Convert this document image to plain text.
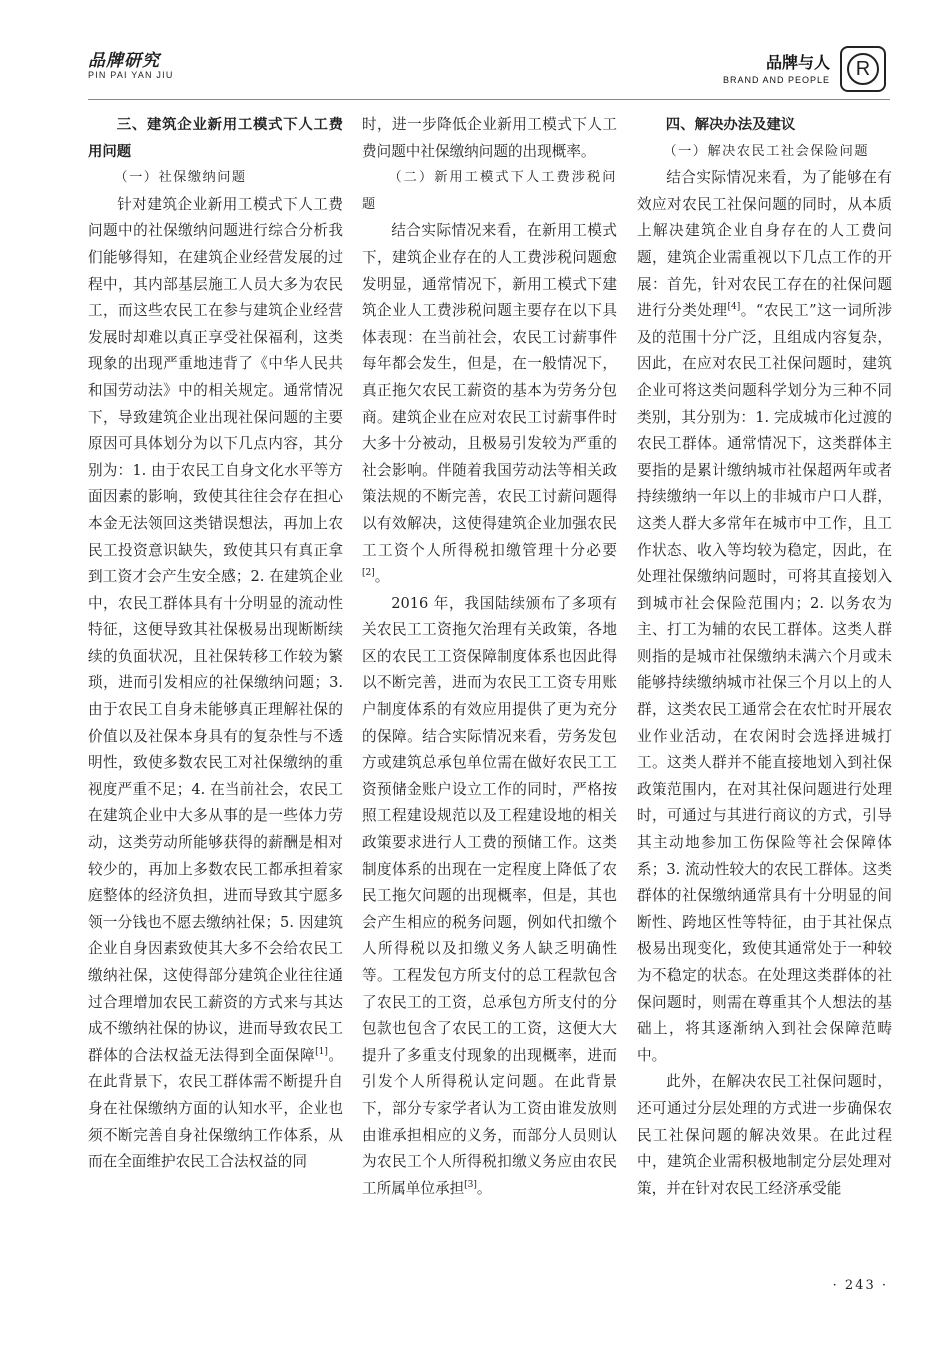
品牌研究
PIN PAI YAN JIU
品牌与人
BRAND AND PEOPLE	R

三、建筑企业新用工模式下人工费用问题

（一）社保缴纳问题

针对建筑企业新用工模式下人工费问题中的社保缴纳问题进行综合分析我们能够得知，在建筑企业经营发展的过程中，其内部基层施工人员大多为农民工，而这些农民工在参与建筑企业经营发展时却难以真正享受社保福利，这类现象的出现严重地违背了《中华人民共和国劳动法》中的相关规定。通常情况下，导致建筑企业出现社保问题的主要原因可具体划分为以下几点内容，其分别为：1. 由于农民工自身文化水平等方面因素的影响，致使其往往会存在担心本金无法领回这类错误想法，再加上农民工投资意识缺失，致使其只有真正拿到工资才会产生安全感；2. 在建筑企业中，农民工群体具有十分明显的流动性特征，这便导致其社保极易出现断断续续的负面状况，且社保转移工作较为繁琐，进而引发相应的社保缴纳问题；3. 由于农民工自身未能够真正理解社保的价值以及社保本身具有的复杂性与不透明性，致使多数农民工对社保缴纳的重视度严重不足；4. 在当前社会，农民工在建筑企业中大多从事的是一些体力劳动，这类劳动所能够获得的薪酬是相对较少的，再加上多数农民工都承担着家庭整体的经济负担，进而导致其宁愿多领一分钱也不愿去缴纳社保；5. 因建筑企业自身因素致使其大多不会给农民工缴纳社保，这使得部分建筑企业往往通过合理增加农民工薪资的方式来与其达成不缴纳社保的协议，进而导致农民工群体的合法权益无法得到全面保障[1]。在此背景下，农民工群体需不断提升自身在社保缴纳方面的认知水平，企业也须不断完善自身社保缴纳工作体系，从而在全面维护农民工合法权益的同

时，进一步降低企业新用工模式下人工费问题中社保缴纳问题的出现概率。

（二）新用工模式下人工费涉税问题

结合实际情况来看，在新用工模式下，建筑企业存在的人工费涉税问题愈发明显，通常情况下，新用工模式下建筑企业人工费涉税问题主要存在以下具体表现：在当前社会，农民工讨薪事件每年都会发生，但是，在一般情况下，真正拖欠农民工薪资的基本为劳务分包商。建筑企业在应对农民工讨薪事件时大多十分被动，且极易引发较为严重的社会影响。伴随着我国劳动法等相关政策法规的不断完善，农民工讨薪问题得以有效解决，这使得建筑企业加强农民工工资个人所得税扣缴管理十分必要[2]。

2016 年，我国陆续颁布了多项有关农民工工资拖欠治理有关政策，各地区的农民工工资保障制度体系也因此得以不断完善，进而为农民工工资专用账户制度体系的有效应用提供了更为充分的保障。结合实际情况来看，劳务发包方或建筑总承包单位需在做好农民工工资预储金账户设立工作的同时，严格按照工程建设规范以及工程建设地的相关政策要求进行人工费的预储工作。这类制度体系的出现在一定程度上降低了农民工拖欠问题的出现概率，但是，其也会产生相应的税务问题，例如代扣缴个人所得税以及扣缴义务人缺乏明确性等。工程发包方所支付的总工程款包含了农民工的工资，总承包方所支付的分包款也包含了农民工的工资，这便大大提升了多重支付现象的出现概率，进而引发个人所得税认定问题。在此背景下，部分专家学者认为工资由谁发放则由谁承担相应的义务，而部分人员则认为农民工个人所得税扣缴义务应由农民工所属单位承担[3]。

四、解决办法及建议

（一）解决农民工社会保险问题

结合实际情况来看，为了能够在有效应对农民工社保问题的同时，从本质上解决建筑企业自身存在的人工费问题，建筑企业需重视以下几点工作的开展：首先，针对农民工存在的社保问题进行分类处理[4]。“农民工”这一词所涉及的范围十分广泛，且组成内容复杂，因此，在应对农民工社保问题时，建筑企业可将这类问题科学划分为三种不同类别，其分别为：1. 完成城市化过渡的农民工群体。通常情况下，这类群体主要指的是累计缴纳城市社保超两年或者持续缴纳一年以上的非城市户口人群，这类人群大多常年在城市中工作，且工作状态、收入等均较为稳定，因此，在处理社保缴纳问题时，可将其直接划入到城市社会保险范围内；2. 以务农为主、打工为辅的农民工群体。这类人群则指的是城市社保缴纳未满六个月或未能够持续缴纳城市社保三个月以上的人群，这类农民工通常会在农忙时开展农业作业活动，在农闲时会选择进城打工。这类人群并不能直接地划入到社保政策范围内，在对其社保问题进行处理时，可通过与其进行商议的方式，引导其主动地参加工伤保险等社会保障体系；3. 流动性较大的农民工群体。这类群体的社保缴纳通常具有十分明显的间断性、跨地区性等特征，由于其社保点极易出现变化，致使其通常处于一种较为不稳定的状态。在处理这类群体的社保问题时，则需在尊重其个人想法的基础上，将其逐渐纳入到社会保障范畴中。

此外，在解决农民工社保问题时，还可通过分层处理的方式进一步确保农民工社保问题的解决效果。在此过程中，建筑企业需积极地制定分层处理对策，并在针对农民工经济承受能

· 243 ·
